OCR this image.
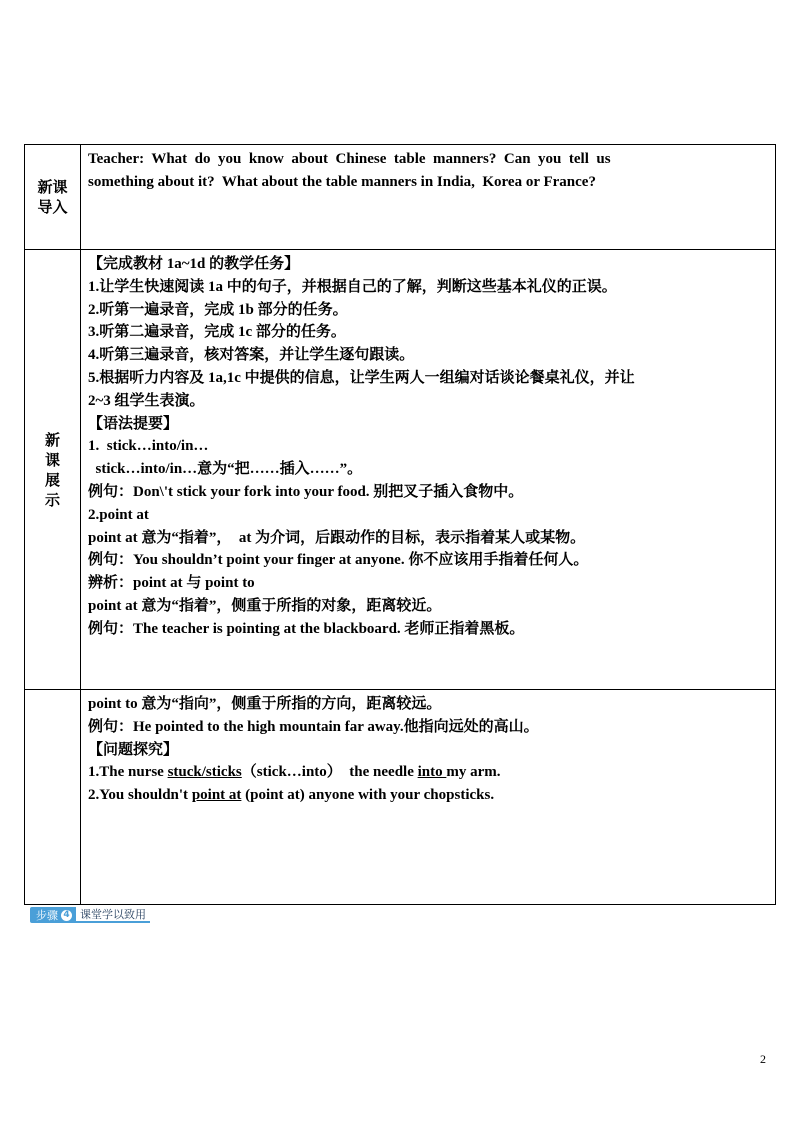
新课
导入
Teacher:  What  do  you  know  about  Chinese  table  manners?  Can  you  tell  us
something about it?  What about the table manners in India,  Korea or France?
新
课
展
示
【完成教材 1a~1d 的教学任务】
1.让学生快速阅读 1a 中的句子，并根据自己的了解，判断这些基本礼仪的正误。
2.听第一遍录音，完成 1b 部分的任务。
3.听第二遍录音，完成 1c 部分的任务。
4.听第三遍录音，核对答案，并让学生逐句跟读。
5.根据听力内容及 1a,1c 中提供的信息，让学生两人一组编对话谈论餐桌礼仪，并让
2~3 组学生表演。
【语法提要】
1.  stick…into/in…
stick…into/in…意为“把……插入……”。
例句：Don\'t stick your fork into your food. 别把叉子插入食物中。
2.point at
point at 意为“指着”，  at 为介词，后跟动作的目标，表示指着某人或某物。
例句：You shouldn’t point your finger at anyone. 你不应该用手指着任何人。
辨析：point at 与 point to
point at 意为“指着”，侧重于所指的对象，距离较近。
例句：The teacher is pointing at the blackboard. 老师正指着黑板。
point to 意为“指向”，侧重于所指的方向，距离较远。
例句：He pointed to the high mountain far away.他指向远处的高山。
【问题探究】
1.The nurse stuck/sticks（stick…into）  the needle into my arm.
2.You shouldn't point at (point at) anyone with your chopsticks.
步骤 4 课堂学以致用
2
